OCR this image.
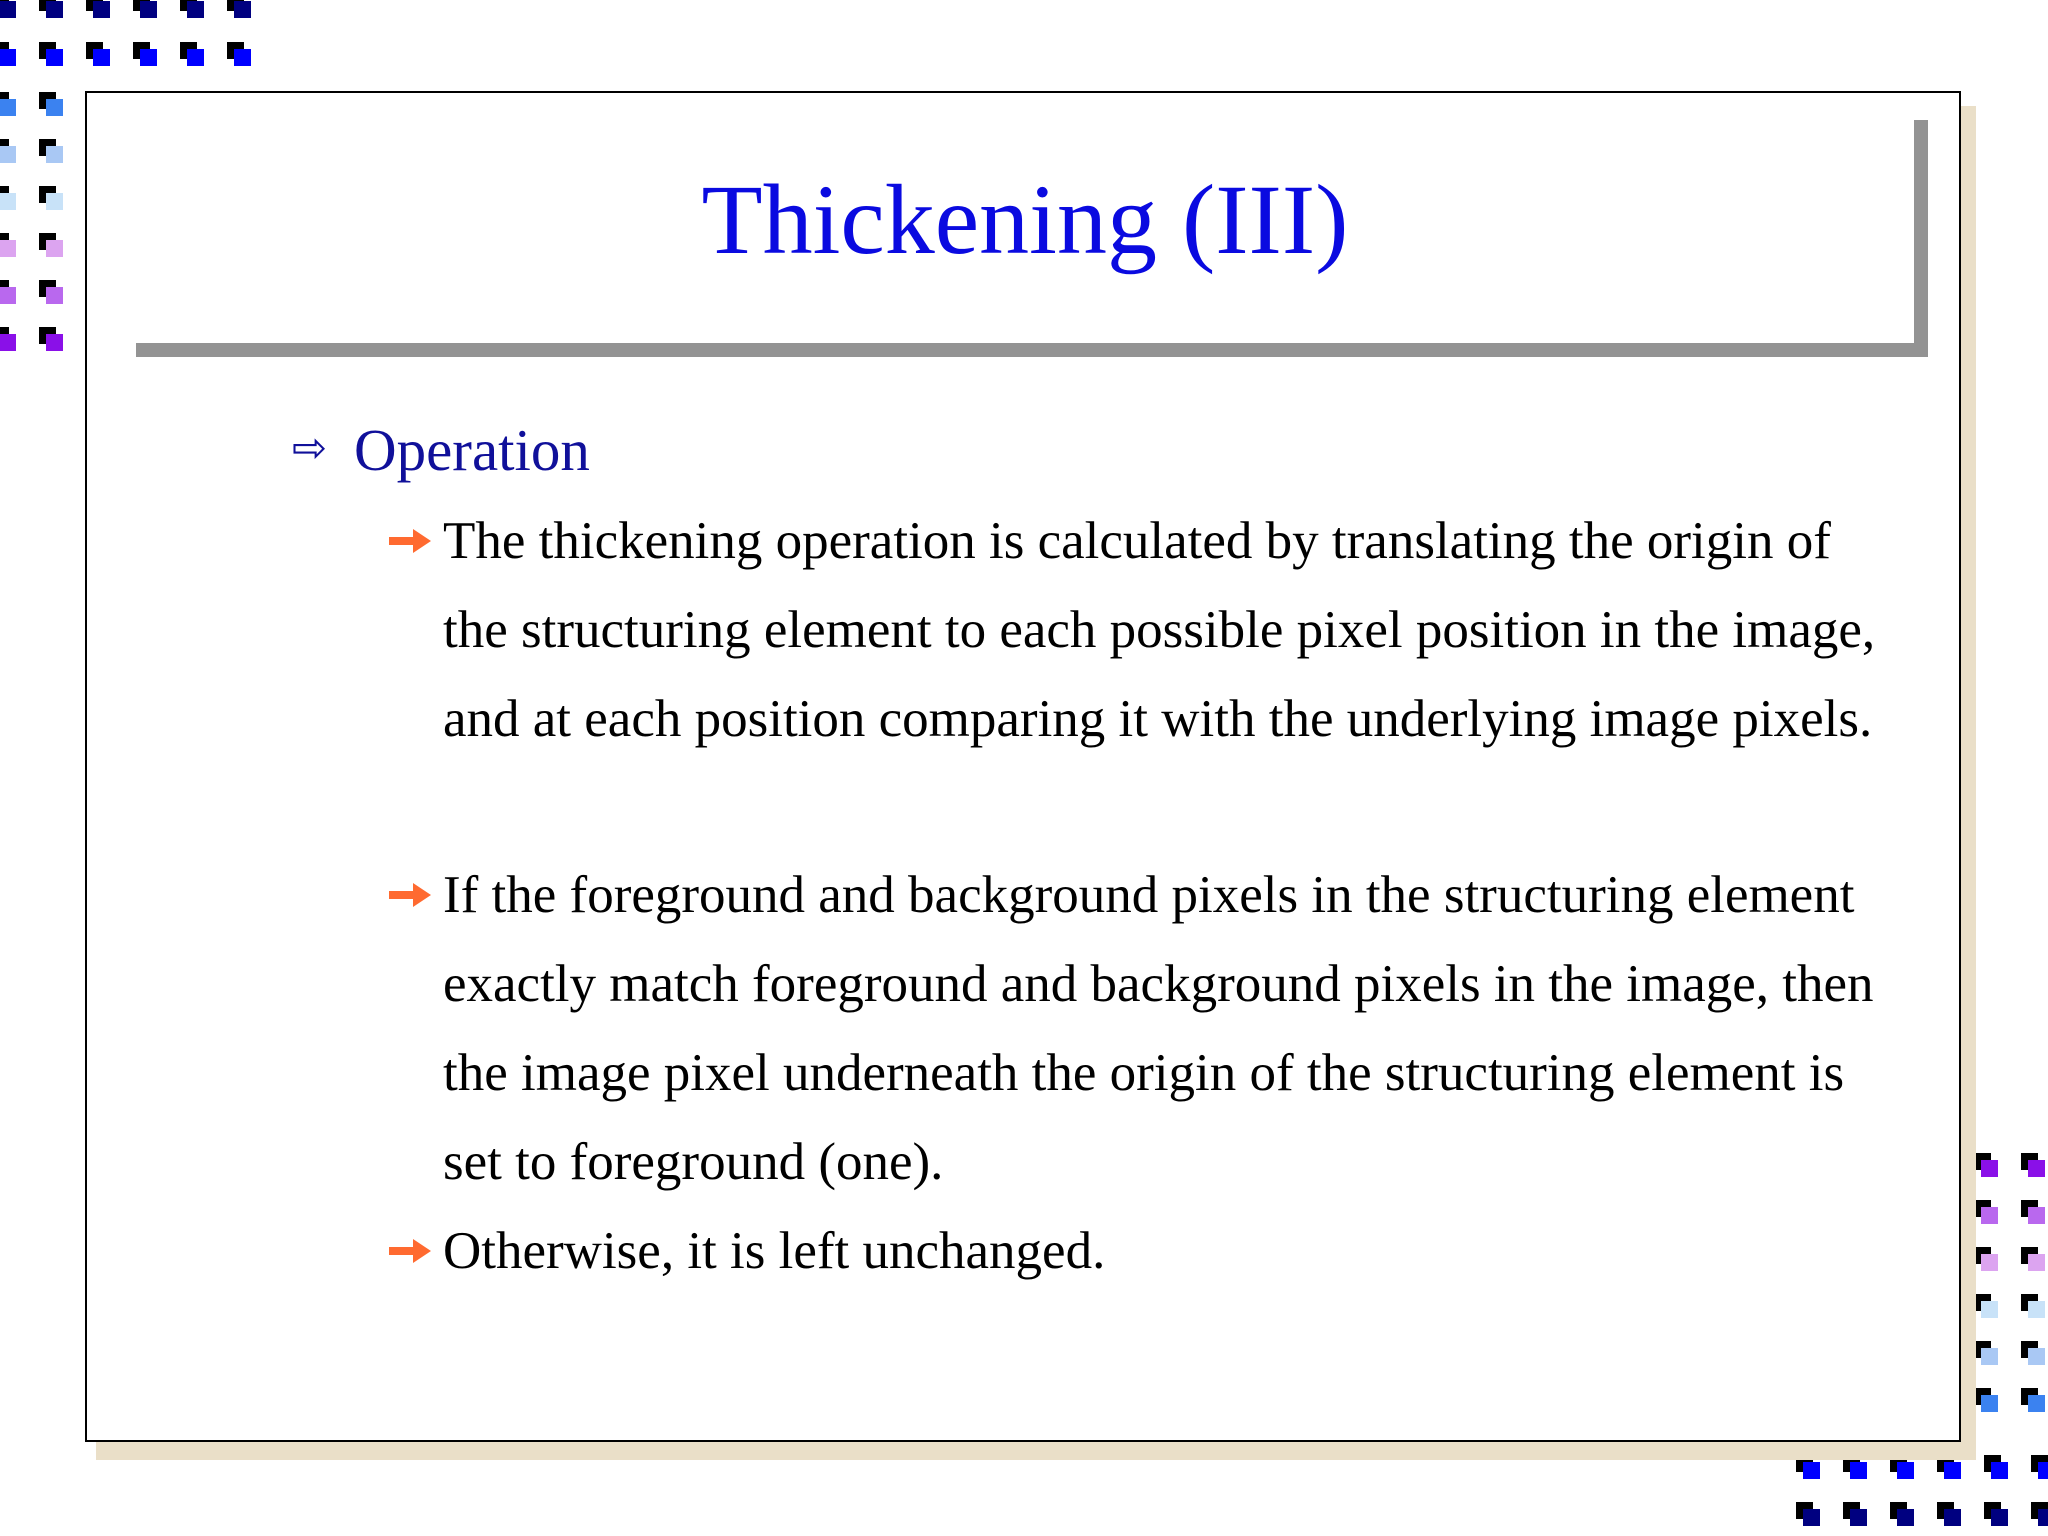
Thickening (III)
⇨ Operation
The thickening operation is calculated by translating the origin of the structuring element to each possible pixel position in the image, and at each position comparing it with the underlying image pixels.
If the foreground and background pixels in the structuring element exactly match foreground and background pixels in the image, then the image pixel underneath the origin of the structuring element is set to foreground (one).
Otherwise, it is left unchanged.
